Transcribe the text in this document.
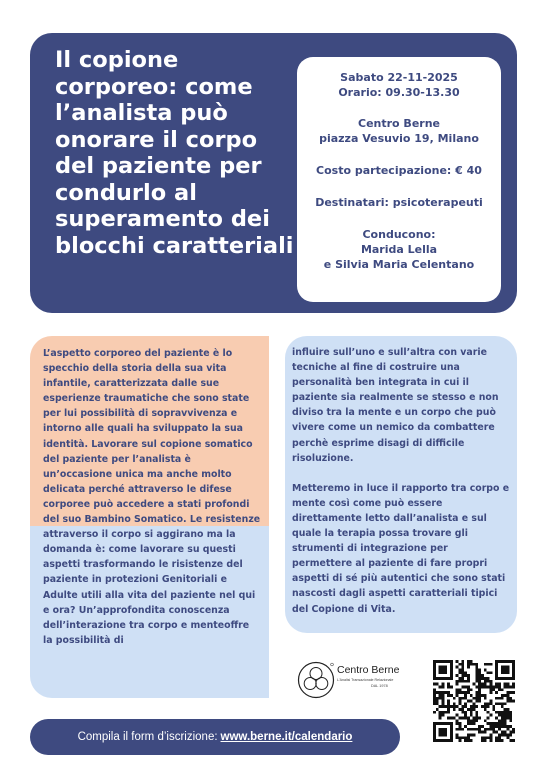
Il copione corporeo: come l’analista può onorare il corpo del paziente per condurlo al superamento dei blocchi caratteriali

Sabato 22-11-2025

Orario: 09.30-13.30

Centro Berne

piazza Vesuvio 19, Milano

Costo partecipazione: € 40

Destinatari: psicoterapeuti

Conducono:

Marida Lella

e Silvia Maria Celentano

L’aspetto corporeo del paziente è lo specchio della storia della sua vita infantile, caratterizzata dalle sue esperienze traumatiche che sono state per lui possibilità di sopravvivenza e intorno alle quali ha sviluppato la sua identità. Lavorare sul copione somatico del paziente per l’analista è un’occasione unica ma anche molto delicata perché attraverso le difese corporee può accedere a stati profondi del suo Bambino Somatico. Le resistenze attraverso il corpo si aggirano ma la domanda è: come lavorare su questi aspetti trasformando le risistenze del paziente in protezioni Genitoriali e Adulte utili alla vita del paziente nel qui e ora? Un’approfondita conoscenza dell’interazione tra corpo e menteoffre la possibilità di

influire sull’uno e sull’altra con varie tecniche al fine di costruire una personalità ben integrata in cui il paziente sia realmente se stesso e non diviso tra la mente e un corpo che può vivere come un nemico da combattere perchè esprime disagi di difficile risoluzione.
Metteremo in luce il rapporto tra corpo e mente così come può essere direttamente letto dall’analista e sul quale la terapia possa trovare gli strumenti di integrazione per permettere al paziente di fare propri aspetti di sé più autentici che sono stati nascosti dagli aspetti caratteriali tipici del Copione di Vita.

Centro Berne
L’Analisi Transazionale Relazionale
DAL 1978
Compila il form d’iscrizione: www.berne.it/calendario
